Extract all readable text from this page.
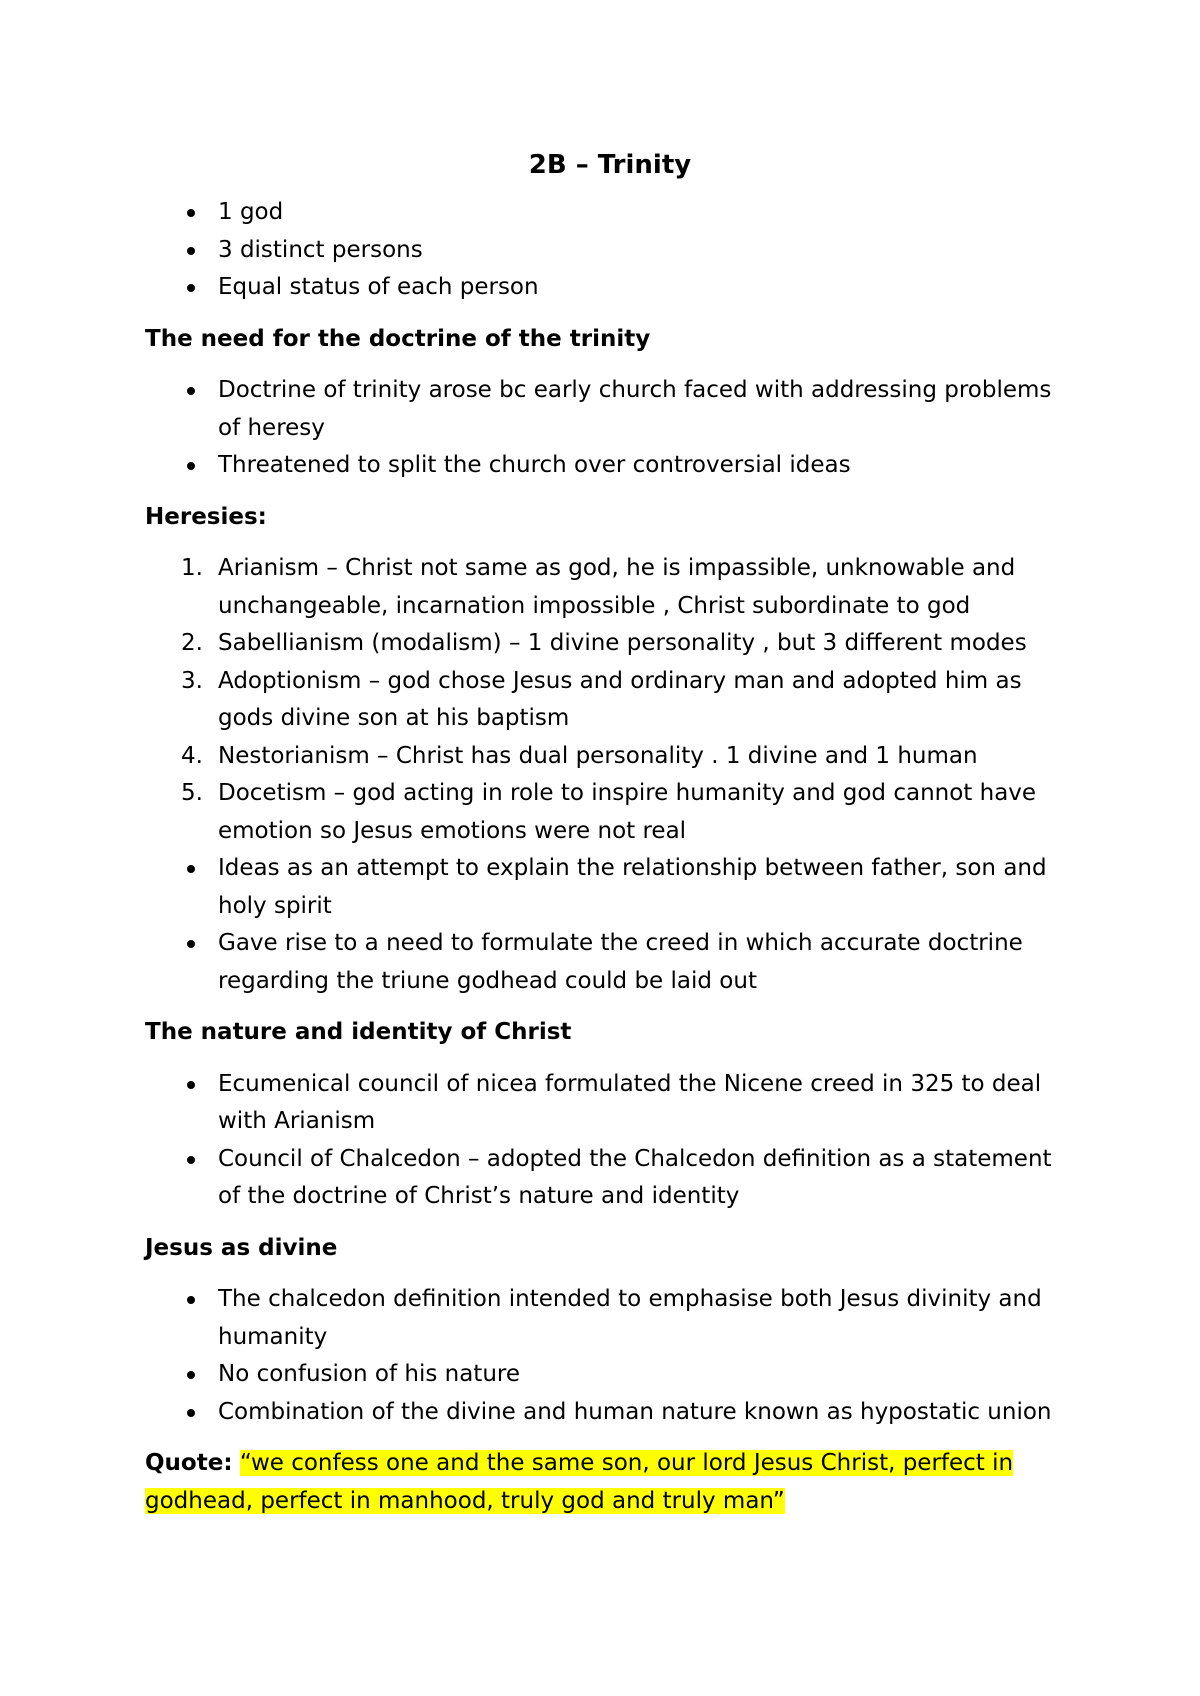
2B – Trinity
1 god
3 distinct persons
Equal status of each person
The need for the doctrine of the trinity
Doctrine of trinity arose bc early church faced with addressing problems of heresy
Threatened to split the church over controversial ideas
Heresies:
1. Arianism – Christ not same as god, he is impassible, unknowable and unchangeable, incarnation impossible , Christ subordinate to god
2. Sabellianism (modalism) – 1 divine personality , but 3 different modes
3. Adoptionism – god chose Jesus and ordinary man and adopted him as gods divine son at his baptism
4. Nestorianism – Christ has dual personality . 1 divine and 1 human
5. Docetism – god acting in role to inspire humanity and god cannot have emotion so Jesus emotions were not real
Ideas as an attempt to explain the relationship between father, son and holy spirit
Gave rise to a need to formulate the creed in which accurate doctrine regarding the triune godhead could be laid out
The nature and identity of Christ
Ecumenical council of nicea formulated the Nicene creed in 325 to deal with Arianism
Council of Chalcedon – adopted the Chalcedon definition as a statement of the doctrine of Christ’s nature and identity
Jesus as divine
The chalcedon definition intended to emphasise both Jesus divinity and humanity
No confusion of his nature
Combination of the divine and human nature known as hypostatic union
Quote: “we confess one and the same son, our lord Jesus Christ, perfect in godhead, perfect in manhood, truly god and truly man”
